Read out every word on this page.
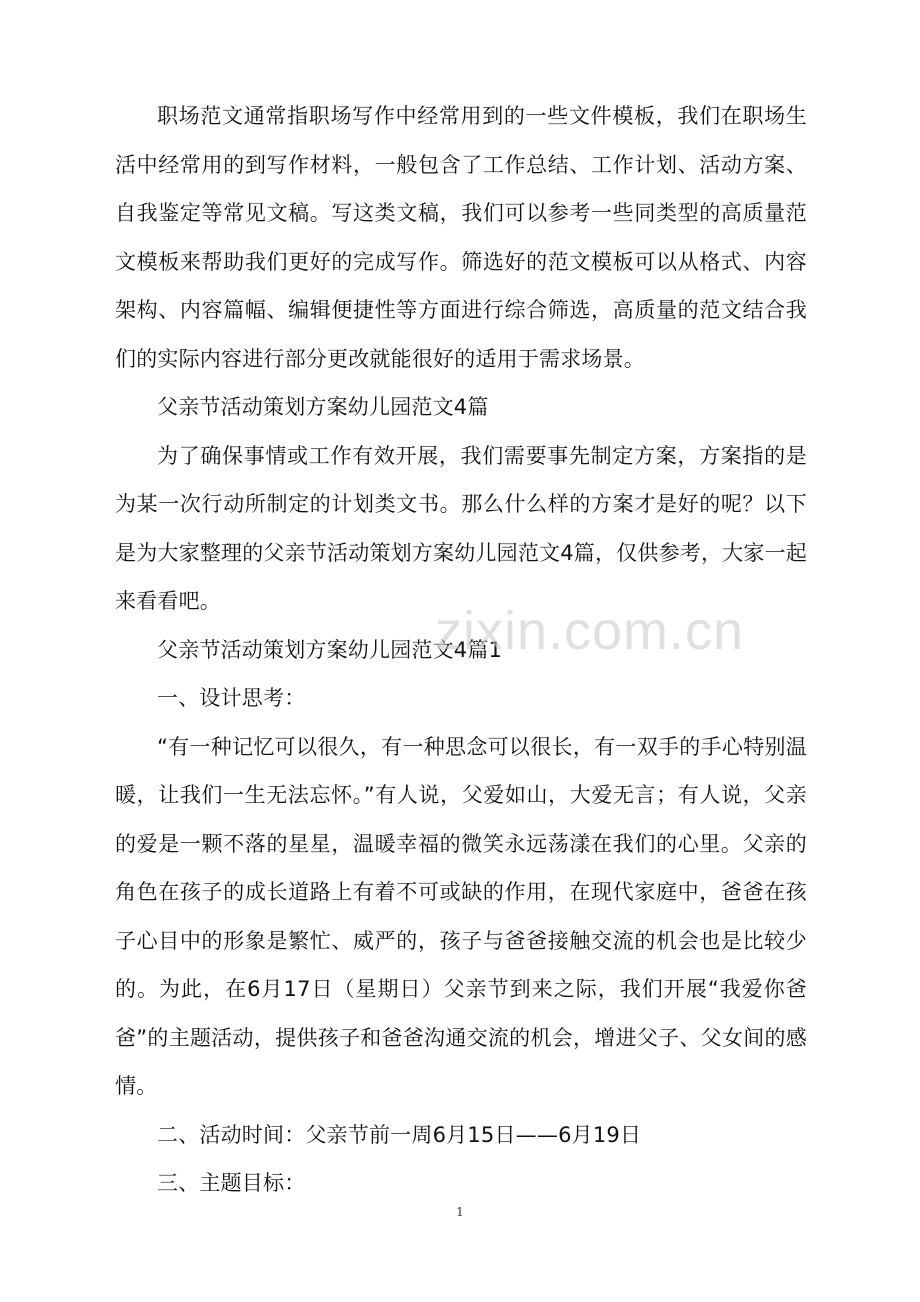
职场范文通常指职场写作中经常用到的一些文件模板，我们在职场生活中经常用的到写作材料，一般包含了工作总结、工作计划、活动方案、自我鉴定等常见文稿。写这类文稿，我们可以参考一些同类型的高质量范文模板来帮助我们更好的完成写作。筛选好的范文模板可以从格式、内容架构、内容篇幅、编辑便捷性等方面进行综合筛选，高质量的范文结合我们的实际内容进行部分更改就能很好的适用于需求场景。

父亲节活动策划方案幼儿园范文4篇

为了确保事情或工作有效开展，我们需要事先制定方案，方案指的是为某一次行动所制定的计划类文书。那么什么样的方案才是好的呢？以下是为大家整理的父亲节活动策划方案幼儿园范文4篇，仅供参考，大家一起来看看吧。

父亲节活动策划方案幼儿园范文4篇1

一、设计思考：

“有一种记忆可以很久，有一种思念可以很长，有一双手的手心特别温暖，让我们一生无法忘怀。”有人说，父爱如山，大爱无言；有人说，父亲的爱是一颗不落的星星，温暖幸福的微笑永远荡漾在我们的心里。父亲的角色在孩子的成长道路上有着不可或缺的作用，在现代家庭中，爸爸在孩子心目中的形象是繁忙、威严的，孩子与爸爸接触交流的机会也是比较少的。为此，在6月17日（星期日）父亲节到来之际，我们开展“我爱你爸爸”的主题活动，提供孩子和爸爸沟通交流的机会，增进父子、父女间的感情。

二、活动时间：父亲节前一周6月15日——6月19日

三、主题目标：

zixin.com.cn
1
